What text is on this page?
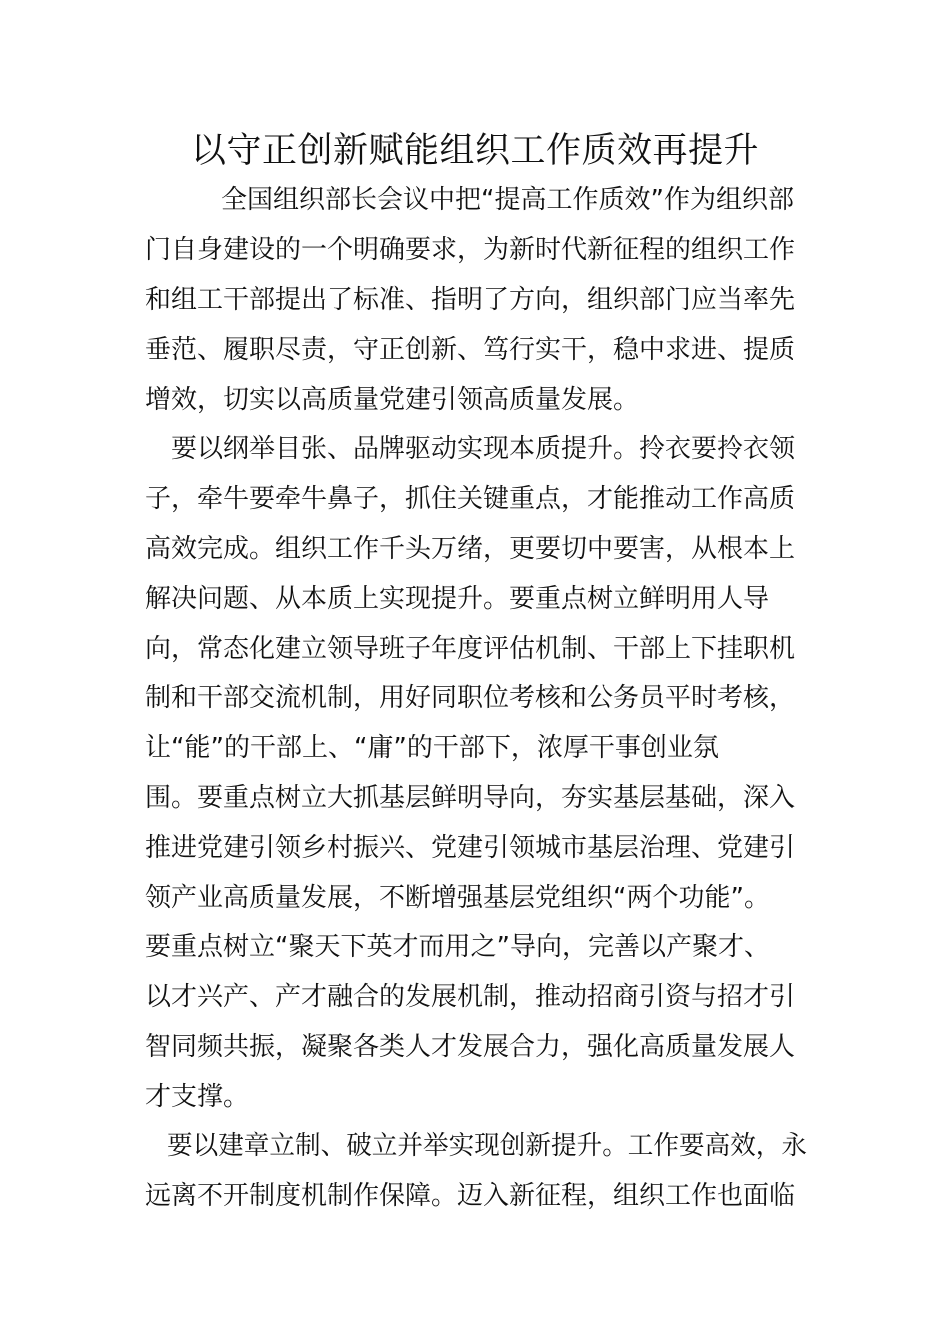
以守正创新赋能组织工作质效再提升
全国组织部长会议中把“提高工作质效”作为组织部
门自身建设的一个明确要求，为新时代新征程的组织工作
和组工干部提出了标准、指明了方向，组织部门应当率先
垂范、履职尽责，守正创新、笃行实干，稳中求进、提质
增效，切实以高质量党建引领高质量发展。
要以纲举目张、品牌驱动实现本质提升。拎衣要拎衣领
子，牵牛要牵牛鼻子，抓住关键重点，才能推动工作高质
高效完成。组织工作千头万绪，更要切中要害，从根本上
解决问题、从本质上实现提升。要重点树立鲜明用人导
向，常态化建立领导班子年度评估机制、干部上下挂职机
制和干部交流机制，用好同职位考核和公务员平时考核，
让“能”的干部上、“庸”的干部下，浓厚干事创业氛
围。要重点树立大抓基层鲜明导向，夯实基层基础，深入
推进党建引领乡村振兴、党建引领城市基层治理、党建引
领产业高质量发展，不断增强基层党组织“两个功能”。
要重点树立“聚天下英才而用之”导向，完善以产聚才、
以才兴产、产才融合的发展机制，推动招商引资与招才引
智同频共振，凝聚各类人才发展合力，强化高质量发展人
才支撑。
要以建章立制、破立并举实现创新提升。工作要高效，永
远离不开制度机制作保障。迈入新征程，组织工作也面临
